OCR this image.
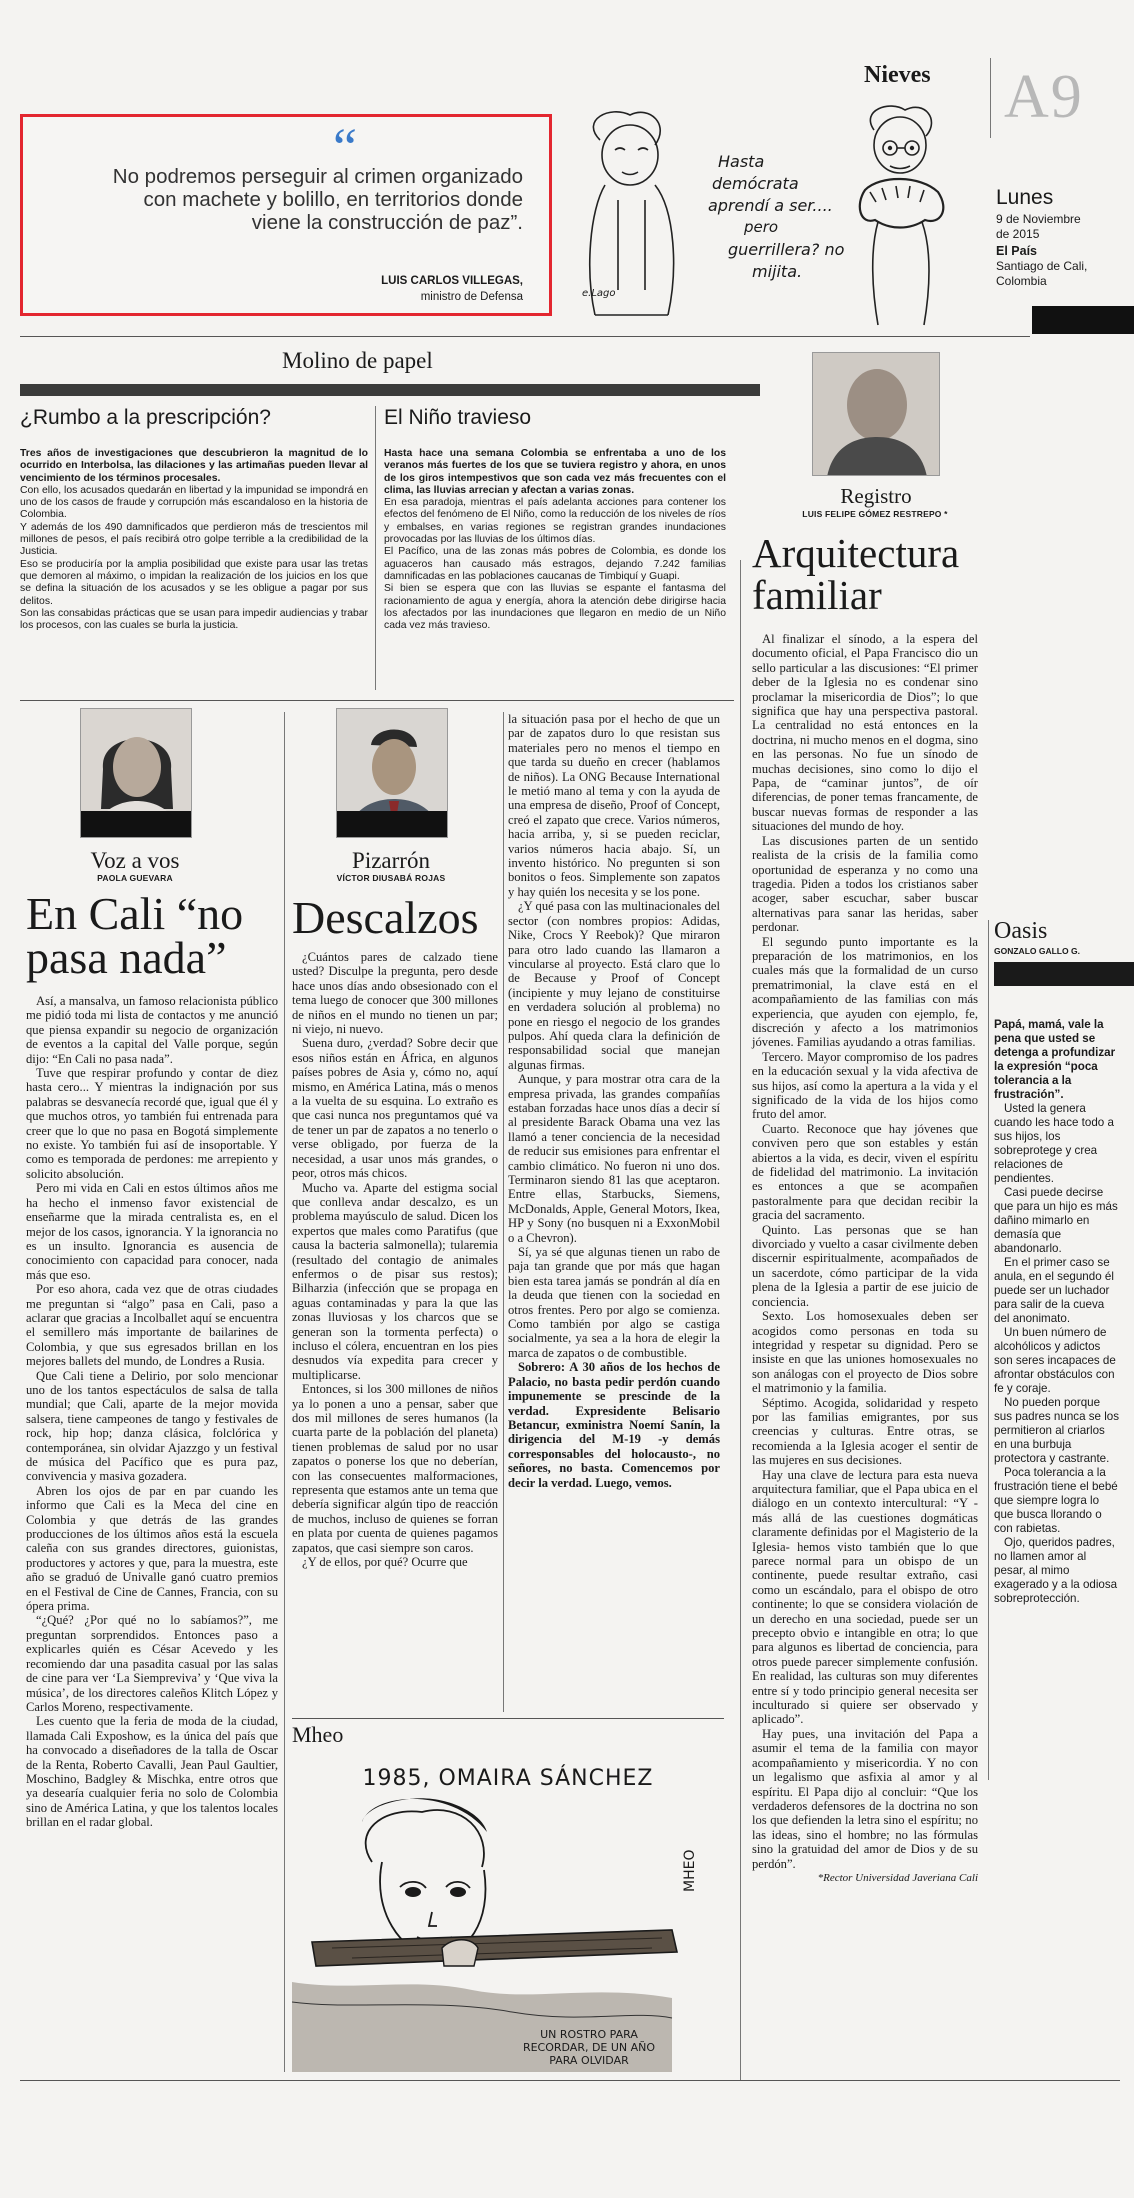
Nieves A9
Lunes
9 de Noviembre de 2015
El País
Santiago de Cali, Colombia
“
No podremos perseguir al crimen organizado con machete y bolillo, en territorios donde viene la construcción de paz”.
LUIS CARLOS VILLEGAS,
ministro de Defensa
Hasta
demócrata
aprendí a ser....
pero
guerrillera? no
mijita.
e.Lago
Molino de papel
¿Rumbo a la prescripción?

Tres años de investigaciones que descubrieron la magnitud de lo ocurrido en Interbolsa, las dilaciones y las artimañas pueden llevar al vencimiento de los términos procesales.

Con ello, los acusados quedarán en libertad y la impunidad se impondrá en uno de los casos de fraude y corrupción más escandaloso en la historia de Colombia.

Y además de los 490 damnificados que perdieron más de trescientos mil millones de pesos, el país recibirá otro golpe terrible a la credibilidad de la Justicia.

Eso se produciría por la amplia posibilidad que existe para usar las tretas que demoren al máximo, o impidan la realización de los juicios en los que se defina la situación de los acusados y se les obligue a pagar por sus delitos.

Son las consabidas prácticas que se usan para impedir audiencias y trabar los procesos, con las cuales se burla la justicia.

El Niño travieso

Hasta hace una semana Colombia se enfrentaba a uno de los veranos más fuertes de los que se tuviera registro y ahora, en unos de los giros intempestivos que son cada vez más frecuentes con el clima, las lluvias arrecian y afectan a varias zonas.

En esa paradoja, mientras el país adelanta acciones para contener los efectos del fenómeno de El Niño, como la reducción de los niveles de ríos y embalses, en varias regiones se registran grandes inundaciones provocadas por las lluvias de los últimos días.

El Pacífico, una de las zonas más pobres de Colombia, es donde los aguaceros han causado más estragos, dejando 7.242 familias damnificadas en las poblaciones caucanas de Timbiquí y Guapi.

Si bien se espera que con las lluvias se espante el fantasma del racionamiento de agua y energía, ahora la atención debe dirigirse hacia los afectados por las inundaciones que llegaron en medio de un Niño cada vez más travieso.

Registro
LUIS FELIPE GÓMEZ RESTREPO *
Arquitectura familiar

Al finalizar el sínodo, a la espera del documento oficial, el Papa Francisco dio un sello particular a las discusiones: “El primer deber de la Iglesia no es condenar sino proclamar la misericordia de Dios”; lo que significa que hay una perspectiva pastoral. La centralidad no está entonces en la doctrina, ni mucho menos en el dogma, sino en las personas. No fue un sínodo de muchas decisiones, sino como lo dijo el Papa, de “caminar juntos”, de oír diferencias, de poner temas francamente, de buscar nuevas formas de responder a las situaciones del mundo de hoy.

Las discusiones parten de un sentido realista de la crisis de la familia como oportunidad de esperanza y no como una tragedia. Piden a todos los cristianos saber acoger, saber escuchar, saber buscar alternativas para sanar las heridas, saber perdonar.

El segundo punto importante es la preparación de los matrimonios, en los cuales más que la formalidad de un curso prematrimonial, la clave está en el acompañamiento de las familias con más experiencia, que ayuden con ejemplo, fe, discreción y afecto a los matrimonios jóvenes. Familias ayudando a otras familias.

Tercero. Mayor compromiso de los padres en la educación sexual y la vida afectiva de sus hijos, así como la apertura a la vida y el significado de la vida de los hijos como fruto del amor.

Cuarto. Reconoce que hay jóvenes que conviven pero que son estables y están abiertos a la vida, es decir, viven el espíritu de fidelidad del matrimonio. La invitación es entonces a que se acompañen pastoralmente para que decidan recibir la gracia del sacramento.

Quinto. Las personas que se han divorciado y vuelto a casar civilmente deben discernir espiritualmente, acompañados de un sacerdote, cómo participar de la vida plena de la Iglesia a partir de ese juicio de conciencia.

Sexto. Los homosexuales deben ser acogidos como personas en toda su integridad y respetar su dignidad. Pero se insiste en que las uniones homosexuales no son análogas con el proyecto de Dios sobre el matrimonio y la familia.

Séptimo. Acogida, solidaridad y respeto por las familias emigrantes, por sus creencias y culturas. Entre otras, se recomienda a la Iglesia acoger el sentir de las mujeres en sus decisiones.

Hay una clave de lectura para esta nueva arquitectura familiar, que el Papa ubica en el diálogo en un contexto intercultural: “Y -más allá de las cuestiones dogmáticas claramente definidas por el Magisterio de la Iglesia- hemos visto también que lo que parece normal para un obispo de un continente, puede resultar extraño, casi como un escándalo, para el obispo de otro continente; lo que se considera violación de un derecho en una sociedad, puede ser un precepto obvio e intangible en otra; lo que para algunos es libertad de conciencia, para otros puede parecer simplemente confusión. En realidad, las culturas son muy diferentes entre sí y todo principio general necesita ser inculturado si quiere ser observado y aplicado”.

Hay pues, una invitación del Papa a asumir el tema de la familia con mayor acompañamiento y misericordia. Y no con un legalismo que asfixia al amor y al espíritu. El Papa dijo al concluir: “Que los verdaderos defensores de la doctrina no son los que defienden la letra sino el espíritu; no las ideas, sino el hombre; no las fórmulas sino la gratuidad del amor de Dios y de su perdón”.

*Rector Universidad Javeriana Cali

Oasis
GONZALO GALLO G.

Papá, mamá, vale la pena que usted se detenga a profundizar la expresión “poca tolerancia a la frustración”.

Usted la genera cuando les hace todo a sus hijos, los sobreprotege y crea relaciones de pendientes.

Casi puede decirse que para un hijo es más dañino mimarlo en demasía que abandonarlo.

En el primer caso se anula, en el segundo él puede ser un luchador para salir de la cueva del anonimato.

Un buen número de alcohólicos y adictos son seres incapaces de afrontar obstáculos con fe y coraje.

No pueden porque sus padres nunca se los permitieron al criarlos en una burbuja protectora y castrante.

Poca tolerancia a la frustración tiene el bebé que siempre logra lo que busca llorando o con rabietas.

Ojo, queridos padres, no llamen amor al pesar, al mimo exagerado y a la odiosa sobreprotección.

Voz a vos
PAOLA GUEVARA
En Cali “no pasa nada”

Así, a mansalva, un famoso relacionista público me pidió toda mi lista de contactos y me anunció que piensa expandir su negocio de organización de eventos a la capital del Valle porque, según dijo: “En Cali no pasa nada”.

Tuve que respirar profundo y contar de diez hasta cero... Y mientras la indignación por sus palabras se desvanecía recordé que, igual que él y que muchos otros, yo también fui entrenada para creer que lo que no pasa en Bogotá simplemente no existe. Yo también fui así de insoportable. Y como es temporada de perdones: me arrepiento y solicito absolución.

Pero mi vida en Cali en estos últimos años me ha hecho el inmenso favor existencial de enseñarme que la mirada centralista es, en el mejor de los casos, ignorancia. Y la ignorancia no es un insulto. Ignorancia es ausencia de conocimiento con capacidad para conocer, nada más que eso.

Por eso ahora, cada vez que de otras ciudades me preguntan si “algo” pasa en Cali, paso a aclarar que gracias a Incolballet aquí se encuentra el semillero más importante de bailarines de Colombia, y que sus egresados brillan en los mejores ballets del mundo, de Londres a Rusia.

Que Cali tiene a Delirio, por solo mencionar uno de los tantos espectáculos de salsa de talla mundial; que Cali, aparte de la mejor movida salsera, tiene campeones de tango y festivales de rock, hip hop; danza clásica, folclórica y contemporánea, sin olvidar Ajazzgo y un festival de música del Pacífico que es pura paz, convivencia y masiva gozadera.

Abren los ojos de par en par cuando les informo que Cali es la Meca del cine en Colombia y que detrás de las grandes producciones de los últimos años está la escuela caleña con sus grandes directores, guionistas, productores y actores y que, para la muestra, este año se graduó de Univalle ganó cuatro premios en el Festival de Cine de Cannes, Francia, con su ópera prima.

“¿Qué? ¿Por qué no lo sabíamos?”, me preguntan sorprendidos. Entonces paso a explicarles quién es César Acevedo y les recomiendo dar una pasadita casual por las salas de cine para ver ‘La Siempreviva’ y ‘Que viva la música’, de los directores caleños Klitch López y Carlos Moreno, respectivamente.

Les cuento que la feria de moda de la ciudad, llamada Cali Exposhow, es la única del país que ha convocado a diseñadores de la talla de Oscar de la Renta, Roberto Cavalli, Jean Paul Gaultier, Moschino, Badgley & Mischka, entre otros que ya desearía cualquier feria no solo de Colombia sino de América Latina, y que los talentos locales brillan en el radar global.

Pizarrón
VÍCTOR DIUSABÁ ROJAS
Descalzos

¿Cuántos pares de calzado tiene usted? Disculpe la pregunta, pero desde hace unos días ando obsesionado con el tema luego de conocer que 300 millones de niños en el mundo no tienen un par; ni viejo, ni nuevo.

Suena duro, ¿verdad? Sobre decir que esos niños están en África, en algunos países pobres de Asia y, cómo no, aquí mismo, en América Latina, más o menos a la vuelta de su esquina. Lo extraño es que casi nunca nos preguntamos qué va de tener un par de zapatos a no tenerlo o verse obligado, por fuerza de la necesidad, a usar unos más grandes, o peor, otros más chicos.

Mucho va. Aparte del estigma social que conlleva andar descalzo, es un problema mayúsculo de salud. Dicen los expertos que males como Paratifus (que causa la bacteria salmonella); tularemia (resultado del contagio de animales enfermos o de pisar sus restos); Bilharzia (infección que se propaga en aguas contaminadas y para la que las zonas lluviosas y los charcos que se generan son la tormenta perfecta) o incluso el cólera, encuentran en los pies desnudos vía expedita para crecer y multiplicarse.

Entonces, si los 300 millones de niños ya lo ponen a uno a pensar, saber que dos mil millones de seres humanos (la cuarta parte de la población del planeta) tienen problemas de salud por no usar zapatos o ponerse los que no deberían, con las consecuentes malformaciones, representa que estamos ante un tema que debería significar algún tipo de reacción de muchos, incluso de quienes se forran en plata por cuenta de quienes pagamos zapatos, que casi siempre son caros.

¿Y de ellos, por qué? Ocurre que

la situación pasa por el hecho de que un par de zapatos duro lo que resistan sus materiales pero no menos el tiempo en que tarda su dueño en crecer (hablamos de niños). La ONG Because International le metió mano al tema y con la ayuda de una empresa de diseño, Proof of Concept, creó el zapato que crece. Varios números, hacia arriba, y, si se pueden reciclar, varios números hacia abajo. Sí, un invento histórico. No pregunten si son bonitos o feos. Simplemente son zapatos y hay quién los necesita y se los pone.

¿Y qué pasa con las multinacionales del sector (con nombres propios: Adidas, Nike, Crocs Y Reebok)? Que miraron para otro lado cuando las llamaron a vincularse al proyecto. Está claro que lo de Because y Proof of Concept (incipiente y muy lejano de constituirse en verdadera solución al problema) no pone en riesgo el negocio de los grandes pulpos. Ahí queda clara la definición de responsabilidad social que manejan algunas firmas.

Aunque, y para mostrar otra cara de la empresa privada, las grandes compañías estaban forzadas hace unos días a decir sí al presidente Barack Obama una vez las llamó a tener conciencia de la necesidad de reducir sus emisiones para enfrentar el cambio climático. No fueron ni uno dos. Terminaron siendo 81 las que aceptaron. Entre ellas, Starbucks, Siemens, McDonalds, Apple, General Motors, Ikea, HP y Sony (no busquen ni a ExxonMobil o a Chevron).

Sí, ya sé que algunas tienen un rabo de paja tan grande que por más que hagan bien esta tarea jamás se pondrán al día en la deuda que tienen con la sociedad en otros frentes. Pero por algo se comienza. Como también por algo se castiga socialmente, ya sea a la hora de elegir la marca de zapatos o de combustible.

Sobrero: A 30 años de los hechos de Palacio, no basta pedir perdón cuando impunemente se prescinde de la verdad. Expresidente Belisario Betancur, exministra Noemí Sanín, la dirigencia del M-19 -y demás corresponsables del holocausto-, no señores, no basta. Comencemos por decir la verdad. Luego, vemos.

Mheo
1985, OMAIRA SÁNCHEZ
MHEO
UN ROSTRO PARA RECORDAR, DE UN AÑO PARA OLVIDAR
